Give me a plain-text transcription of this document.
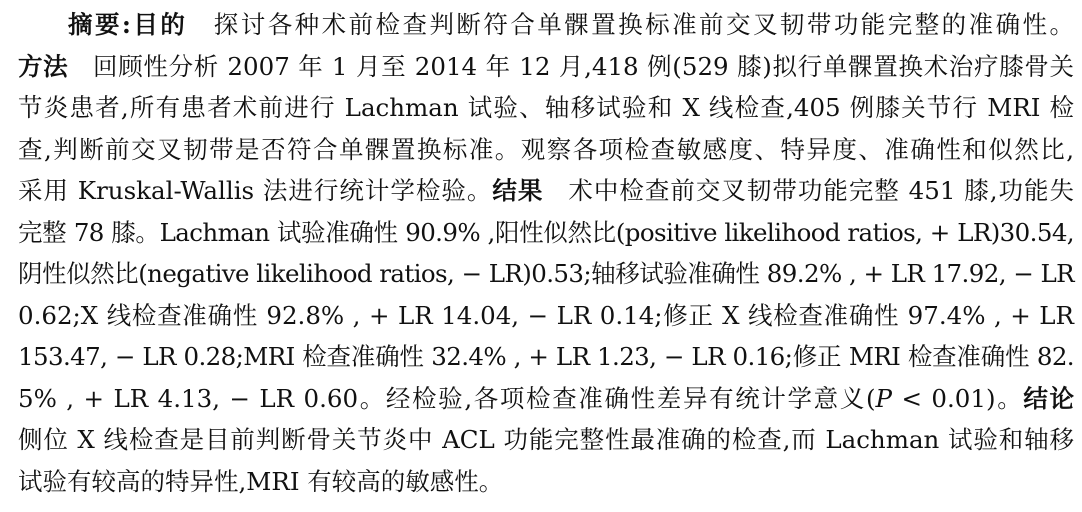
摘要:目的 探讨各种术前检查判断符合单髁置换标准前交叉韧带功能完整的准确性。
方法 回顾性分析 2007 年 1 月至 2014 年 12 月,418 例(529 膝)拟行单髁置换术治疗膝骨关
节炎患者,所有患者术前进行 Lachman 试验、轴移试验和 X 线检查,405 例膝关节行 MRI 检
查,判断前交叉韧带是否符合单髁置换标准。观察各项检查敏感度、特异度、准确性和似然比,
采用 Kruskal-Wallis 法进行统计学检验。结果 术中检查前交叉韧带功能完整 451 膝,功能失
完整 78 膝。Lachman 试验准确性 90.9% ,阳性似然比(positive likelihood ratios, + LR)30.54,
阴性似然比(negative likelihood ratios, − LR)0.53;轴移试验准确性 89.2% , + LR 17.92, − LR
0.62;X 线检查准确性 92.8% , + LR 14.04, − LR 0.14;修正 X 线检查准确性 97.4% , + LR
153.47, − LR 0.28;MRI 检查准确性 32.4% , + LR 1.23, − LR 0.16;修正 MRI 检查准确性 82.
5% , + LR 4.13, − LR 0.60。经检验,各项检查准确性差异有统计学意义(P < 0.01)。结论
侧位 X 线检查是目前判断骨关节炎中 ACL 功能完整性最准确的检查,而 Lachman 试验和轴移
试验有较高的特异性,MRI 有较高的敏感性。
